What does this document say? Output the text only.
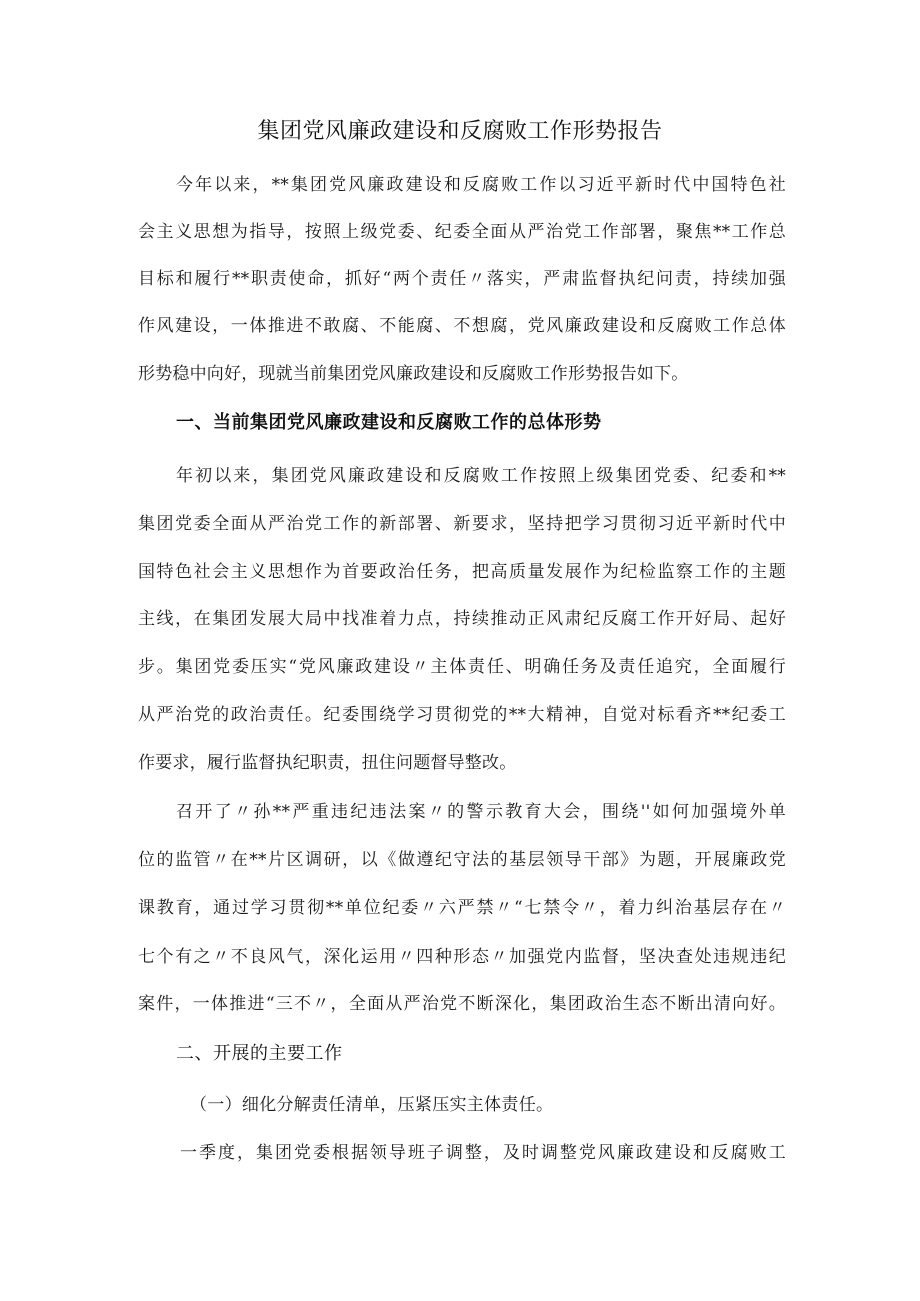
集团党风廉政建设和反腐败工作形势报告
今年以来，**集团党风廉政建设和反腐败工作以习近平新时代中国特色社
会主义思想为指导，按照上级党委、纪委全面从严治党工作部署，聚焦**工作总
目标和履行**职责使命，抓好“两个责任〃落实，严肃监督执纪问责，持续加强
作风建设，一体推进不敢腐、不能腐、不想腐，党风廉政建设和反腐败工作总体
形势稳中向好，现就当前集团党风廉政建设和反腐败工作形势报告如下。
一、当前集团党风廉政建设和反腐败工作的总体形势
年初以来，集团党风廉政建设和反腐败工作按照上级集团党委、纪委和**
集团党委全面从严治党工作的新部署、新要求，坚持把学习贯彻习近平新时代中
国特色社会主义思想作为首要政治任务，把高质量发展作为纪检监察工作的主题
主线，在集团发展大局中找准着力点，持续推动正风肃纪反腐工作开好局、起好
步。集团党委压实“党风廉政建设〃主体责任、明确任务及责任追究，全面履行
从严治党的政治责任。纪委围绕学习贯彻党的**大精神，自觉对标看齐**纪委工
作要求，履行监督执纪职责，扭住问题督导整改。
召开了〃孙**严重违纪违法案〃的警示教育大会，围绕''如何加强境外单
位的监管〃在**片区调研，以《做遵纪守法的基层领导干部》为题，开展廉政党
课教育，通过学习贯彻**单位纪委〃六严禁〃“七禁令〃，着力纠治基层存在〃
七个有之〃不良风气，深化运用〃四种形态〃加强党内监督，坚决查处违规违纪
案件，一体推进“三不〃，全面从严治党不断深化，集团政治生态不断出清向好。
二、开展的主要工作
（一）细化分解责任清单，压紧压实主体责任。
一季度，集团党委根据领导班子调整，及时调整党风廉政建设和反腐败工
